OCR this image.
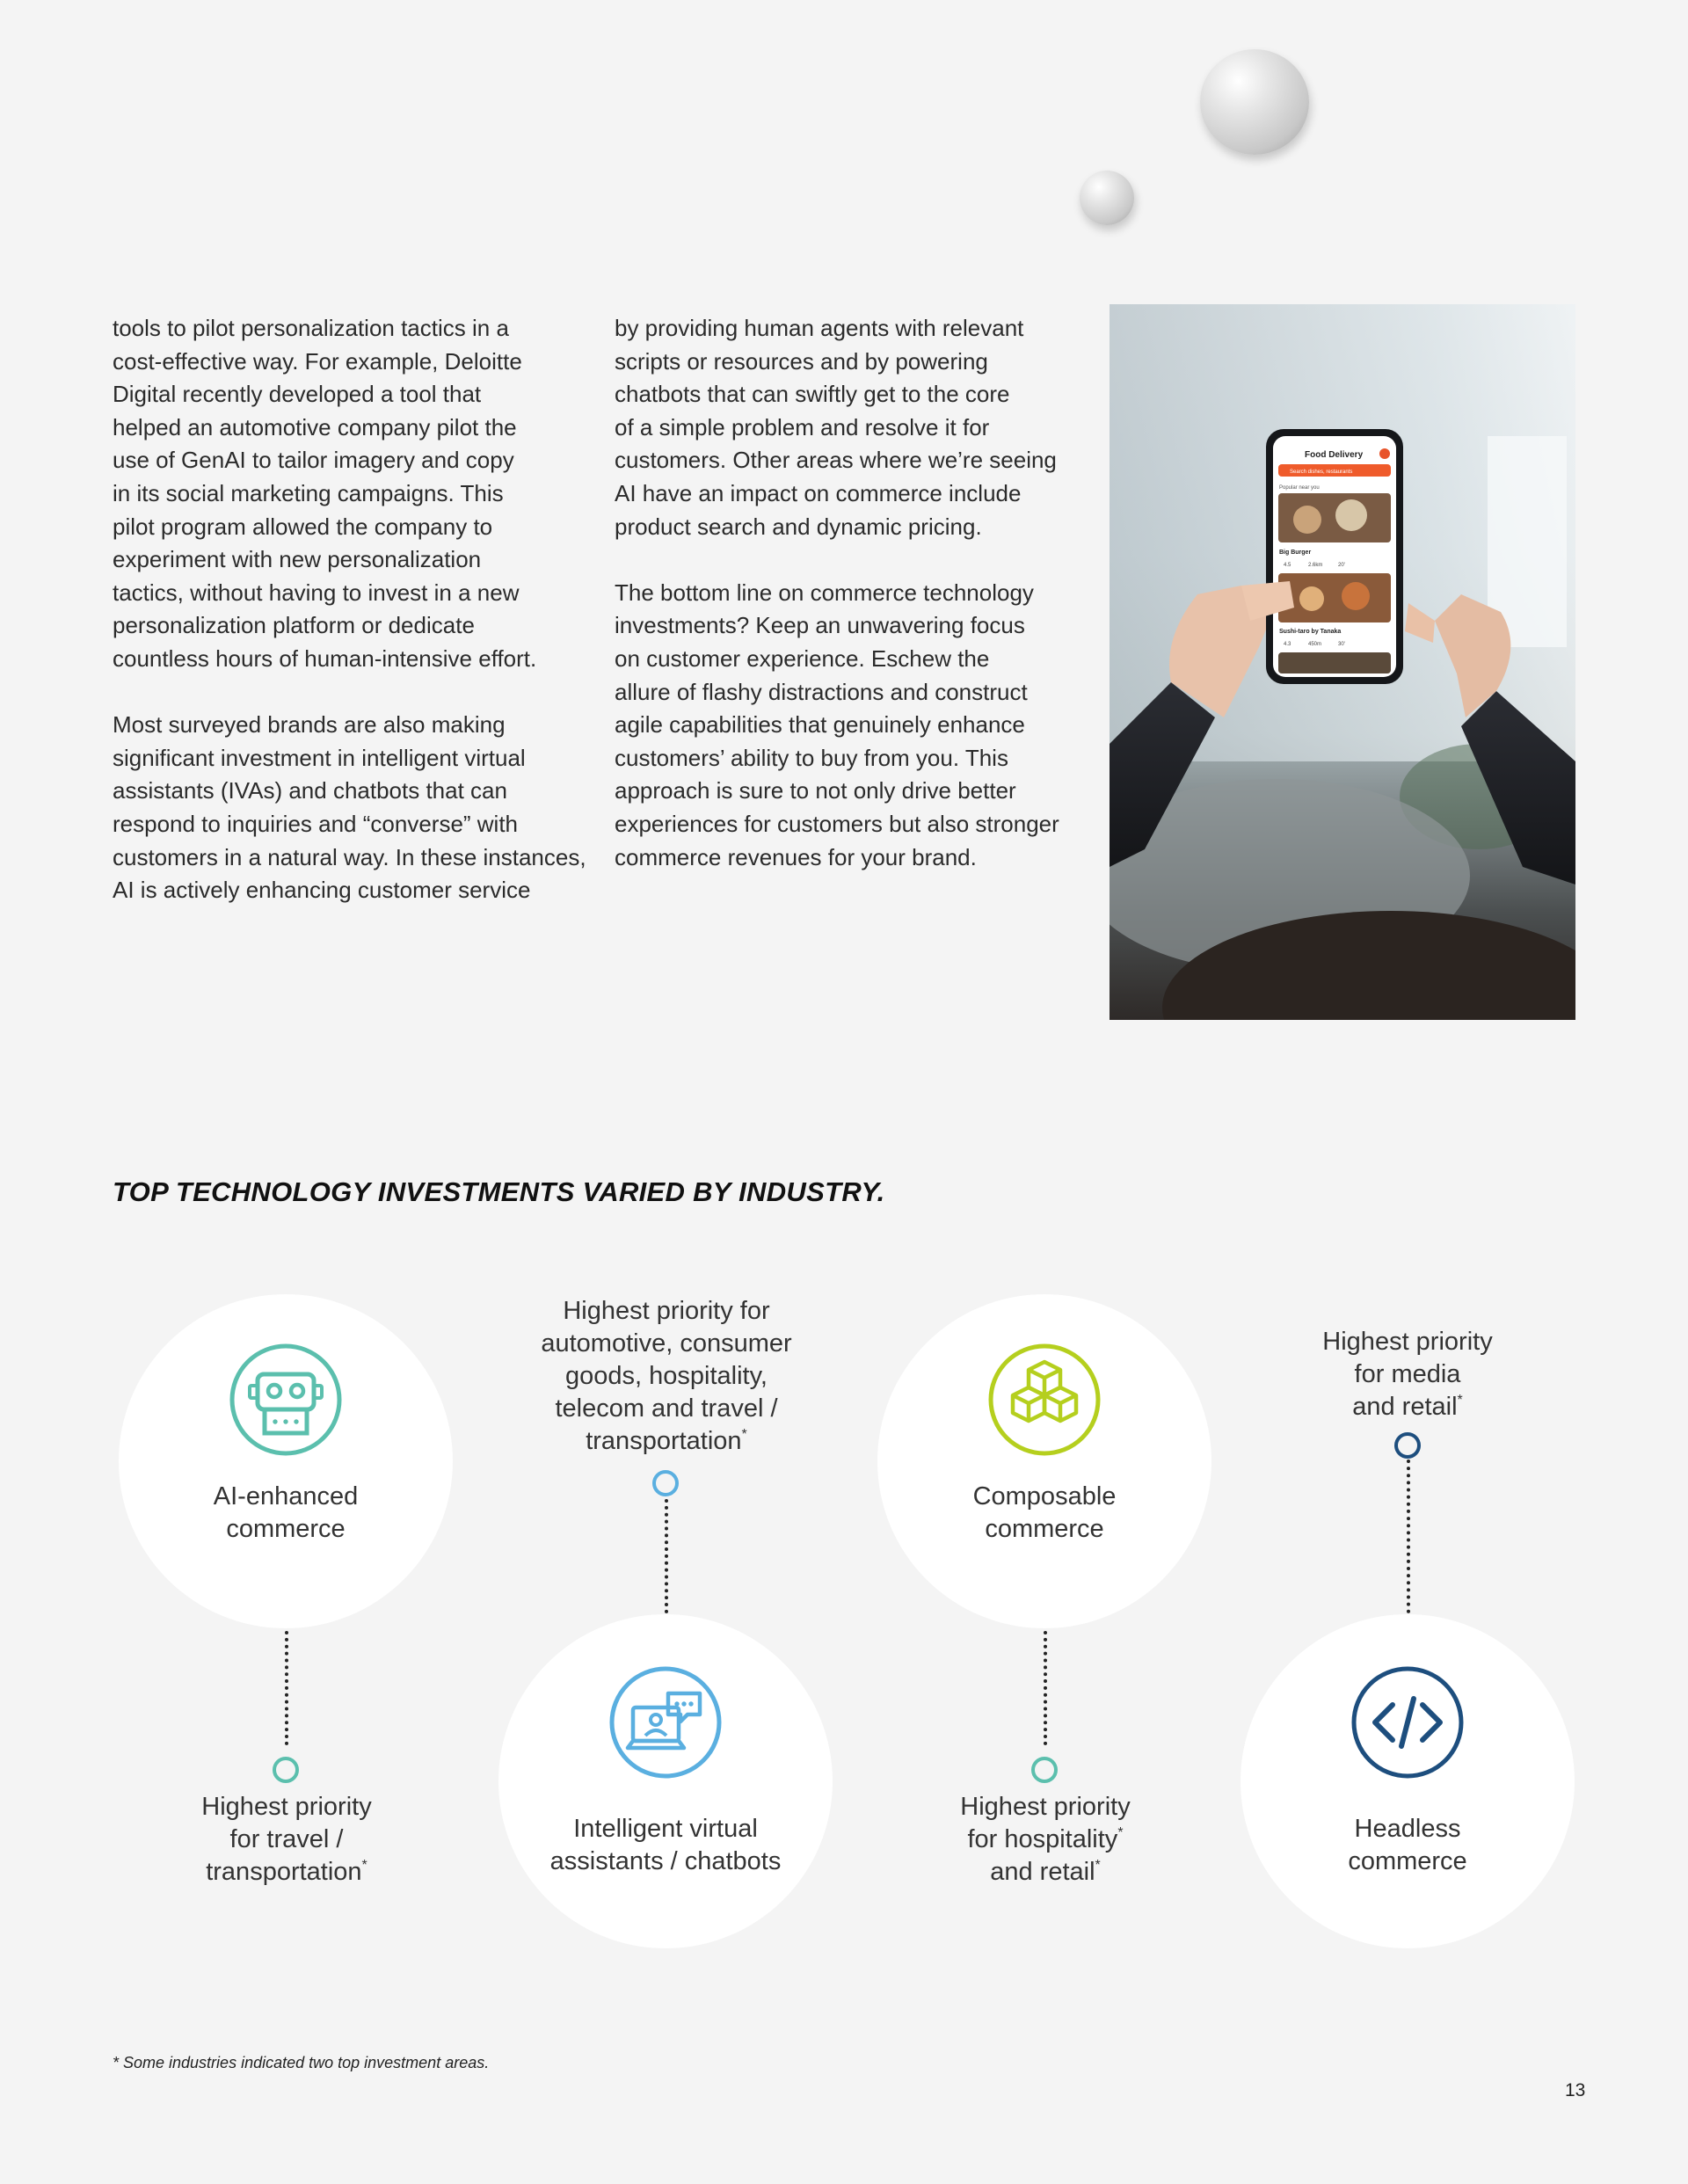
tools to pilot personalization tactics in a
cost-effective way. For example, Deloitte
Digital recently developed a tool that
helped an automotive company pilot the
use of GenAI to tailor imagery and copy
in its social marketing campaigns. This
pilot program allowed the company to
experiment with new personalization
tactics, without having to invest in a new
personalization platform or dedicate
countless hours of human-intensive effort.

Most surveyed brands are also making
significant investment in intelligent virtual
assistants (IVAs) and chatbots that can
respond to inquiries and “converse” with
customers in a natural way. In these instances,
AI is actively enhancing customer service

by providing human agents with relevant
scripts or resources and by powering
chatbots that can swiftly get to the core
of a simple problem and resolve it for
customers. Other areas where we’re seeing
AI have an impact on commerce include
product search and dynamic pricing.

The bottom line on commerce technology
investments? Keep an unwavering focus
on customer experience. Eschew the
allure of flashy distractions and construct
agile capabilities that genuinely enhance
customers’ ability to buy from you. This
approach is sure to not only drive better
experiences for customers but also stronger
commerce revenues for your brand.

Food Delivery
Search dishes, restaurants
Popular near you
Big Burger
4.5	2.6km	20'
Sushi-taro by Tanaka
4.3	450m	30'
TOP TECHNOLOGY INVESTMENTS VARIED BY INDUSTRY.
AI-enhanced
commerce
Intelligent virtual
assistants / chatbots
Composable
commerce
Headless
commerce
Highest priority
for travel /
transportation*
Highest priority for
automotive, consumer
goods, hospitality,
telecom and travel /
transportation*
Highest priority
for hospitality*
and retail*
Highest priority
for media
and retail*
* Some industries indicated two top investment areas.
13
